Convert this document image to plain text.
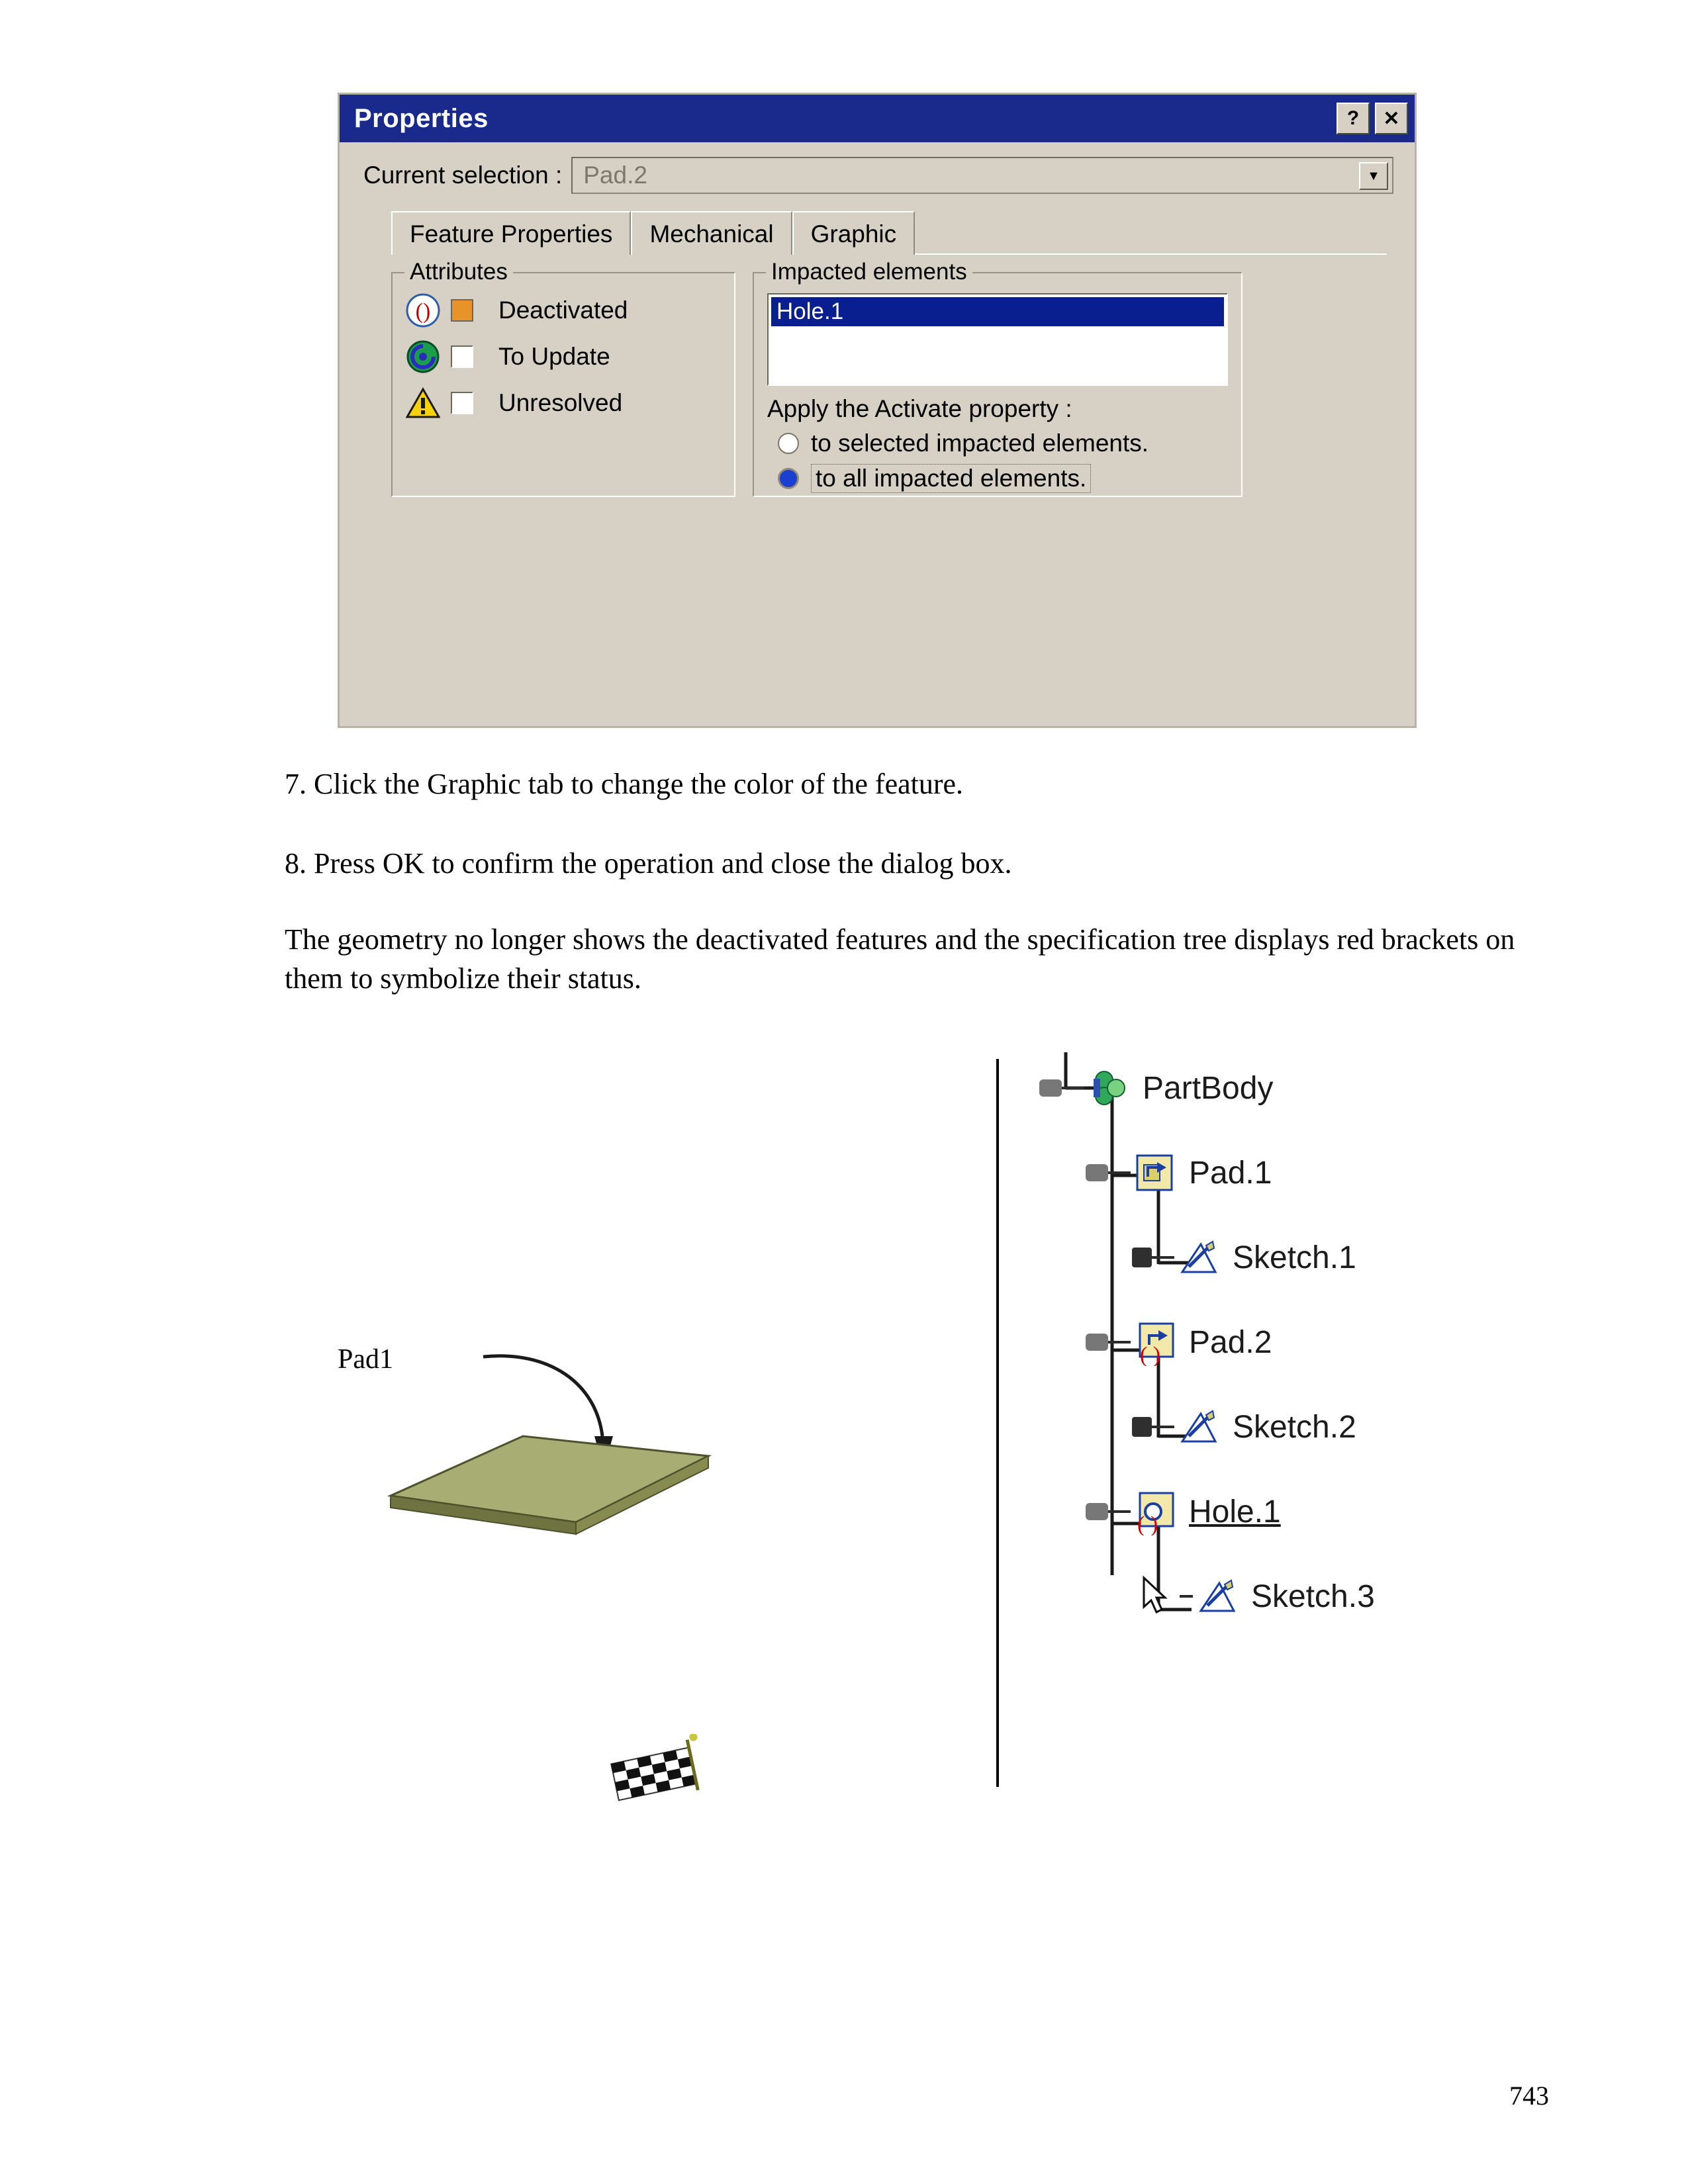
Properties	?	✕
Current selection : Pad.2	▼
Feature Properties	Mechanical	Graphic
Attributes
()	Deactivated
To Update
Unresolved
Impacted elements
Hole.1
Apply the Activate property :
to selected impacted elements.
to all impacted elements.
7. Click the Graphic tab to change the color of the feature.
8. Press OK to confirm the operation and close the dialog box.
The geometry no longer shows the deactivated features and the specification tree displays red brackets on them to symbolize their status.
Pad1
PartBody
Pad.1
Sketch.1
( ) Pad.2
Sketch.2
( ) Hole.1
Sketch.3
743
